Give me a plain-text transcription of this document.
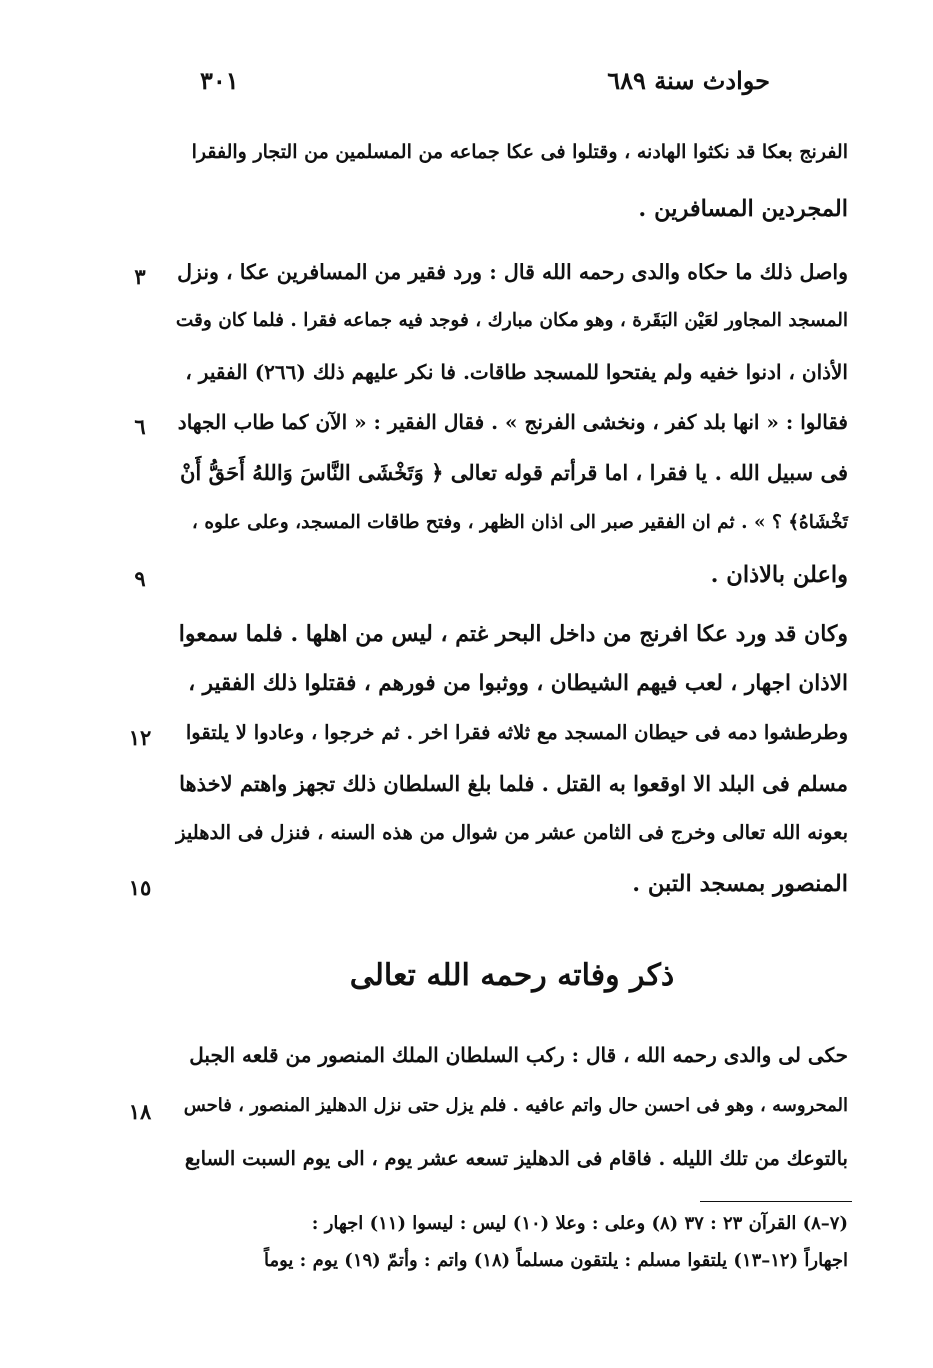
حوادث سنة ٦٨٩
٣٠١
الفرنج بعكا قد نكثوا الهادنه ، وقتلوا فى عكا جماعه من المسلمين من التجار والفقرا
المجردين المسافرين .
واصل ذلك ما حكاه والدى رحمه الله قال : ورد فقير من المسافرين عكا ، ونزل
المسجد المجاور لعَيْن البَقَرة ، وهو مكان مبارك ، فوجد فيه جماعه فقرا . فلما كان وقت
الأذان ، ادنوا خفيه ولم يفتحوا للمسجد طاقات. فا نكر عليهم ذلك (٢٦٦) الفقير ،
فقالوا : « انها بلد كفر ، ونخشى الفرنج » . فقال الفقير : « الآن كما طاب الجهاد
فى سبيل الله . يا فقرا ، اما قرأتم قوله تعالى ﴿ وَتَخْشَى النَّاسَ وَاللهُ أَحَقُّ أَنْ
تَخْشَاهُ﴾ ؟ » . ثم ان الفقير صبر الى اذان الظهر ، وفتح طاقات المسجد، وعلى علوه ،
واعلن بالاذان .
وكان قد ورد عكا افرنج من داخل البحر غتم ، ليس من اهلها . فلما سمعوا
الاذان اجهار ، لعب فيهم الشيطان ، ووثبوا من فورهم ، فقتلوا ذلك الفقير ،
وطرطشوا دمه فى حيطان المسجد مع ثلاثه فقرا اخر . ثم خرجوا ، وعادوا لا يلتقوا
مسلم فى البلد الا اوقعوا به القتل . فلما بلغ السلطان ذلك تجهز واهتم لاخذها
بعونه الله تعالى وخرج فى الثامن عشر من شوال من هذه السنه ، فنزل فى الدهليز
المنصور بمسجد التبن .
ذكر وفاته رحمه الله تعالى
حكى لى والدى رحمه الله ، قال : ركب السلطان الملك المنصور من قلعه الجبل
المحروسه ، وهو فى احسن حال واتم عافيه . فلم يزل حتى نزل الدهليز المنصور ، فاحس
بالتوعك من تلك الليله . فاقام فى الدهليز تسعه عشر يوم ، الى يوم السبت السابع
٣
٦
٩
١٢
١٥
١٨
(٧–٨) القرآن ٢٣ : ٣٧ (٨) وعلى : وعلا (١٠) ليس : ليسوا (١١) اجهار :
اجهاراً (١٢–١٣) يلتقوا مسلم : يلتقون مسلماً (١٨) واتم : وأتمّ (١٩) يوم : يوماً
